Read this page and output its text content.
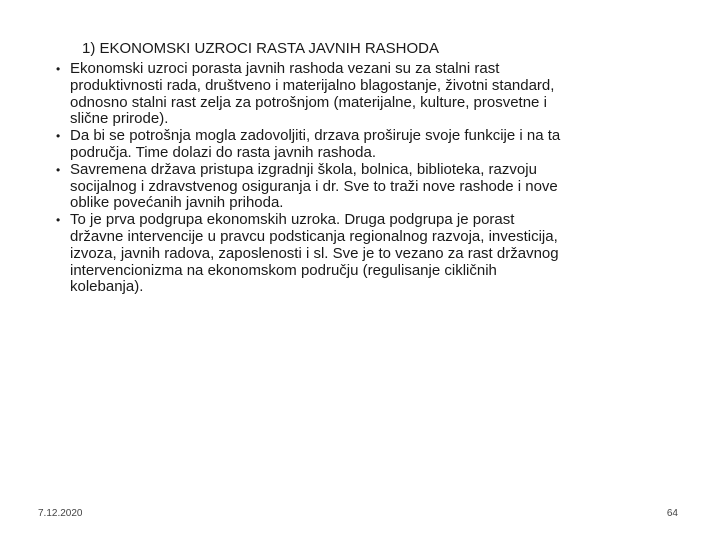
1) EKONOMSKI UZROCI RASTA JAVNIH RASHODA
• Ekonomski uzroci porasta javnih rashoda vezani su za stalni rast
produktivnosti rada, društveno i materijalno blagostanje, životni standard,
odnosno stalni rast zelja za potrošnjom (materijalne, kulture, prosvetne i
slične prirode).
• Da bi se potrošnja mogla zadovoljiti, drzava proširuje svoje funkcije i na ta
područja. Time dolazi do rasta javnih rashoda.
• Savremena država pristupa izgradnji škola, bolnica, biblioteka, razvoju
socijalnog i zdravstvenog osiguranja i dr. Sve to traži nove rashode i nove
oblike povećanih javnih prihoda.
• To je prva podgrupa ekonomskih uzroka. Druga podgrupa je porast
državne intervencije u pravcu podsticanja regionalnog razvoja, investicija,
izvoza, javnih radova, zaposlenosti i sl. Sve je to vezano za rast državnog
intervencionizma na ekonomskom području (regulisanje cikličnih
kolebanja).
7.12.2020	64
